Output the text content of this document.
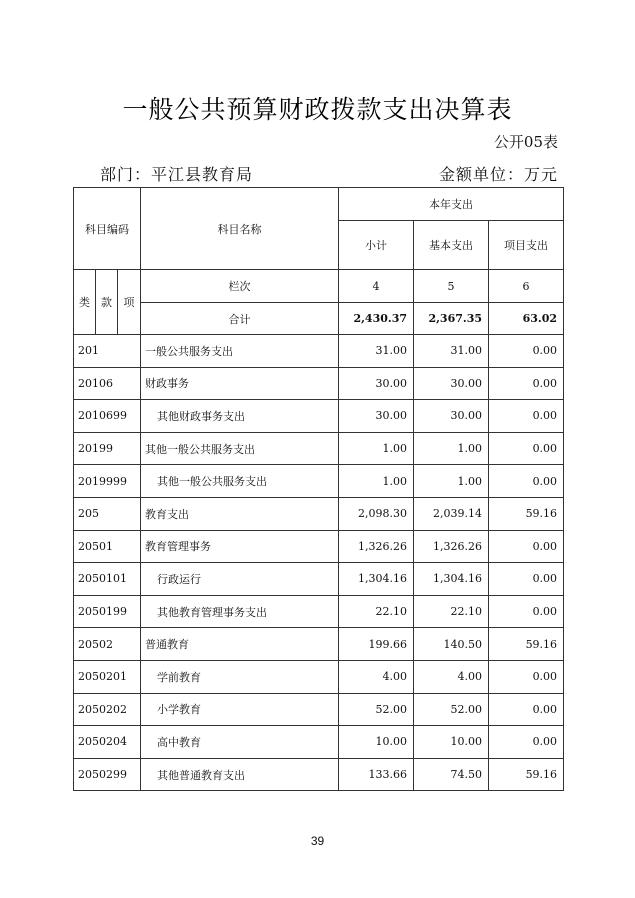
一般公共预算财政拨款支出决算表
公开05表
部门：平江县教育局	金额单位：万元
科目编码			科目名称	本年支出		
				小计	基本支出	项目支出
类	款	项	栏次	4	5	6
			合计	2,430.37	2,367.35	63.02
201			一般公共服务支出	31.00	31.00	0.00
20106			财政事务	30.00	30.00	0.00
2010699			其他财政事务支出	30.00	30.00	0.00
20199			其他一般公共服务支出	1.00	1.00	0.00
2019999			其他一般公共服务支出	1.00	1.00	0.00
205			教育支出	2,098.30	2,039.14	59.16
20501			教育管理事务	1,326.26	1,326.26	0.00
2050101			行政运行	1,304.16	1,304.16	0.00
2050199			其他教育管理事务支出	22.10	22.10	0.00
20502			普通教育	199.66	140.50	59.16
2050201			学前教育	4.00	4.00	0.00
2050202			小学教育	52.00	52.00	0.00
2050204			高中教育	10.00	10.00	0.00
2050299			其他普通教育支出	133.66	74.50	59.16
39
